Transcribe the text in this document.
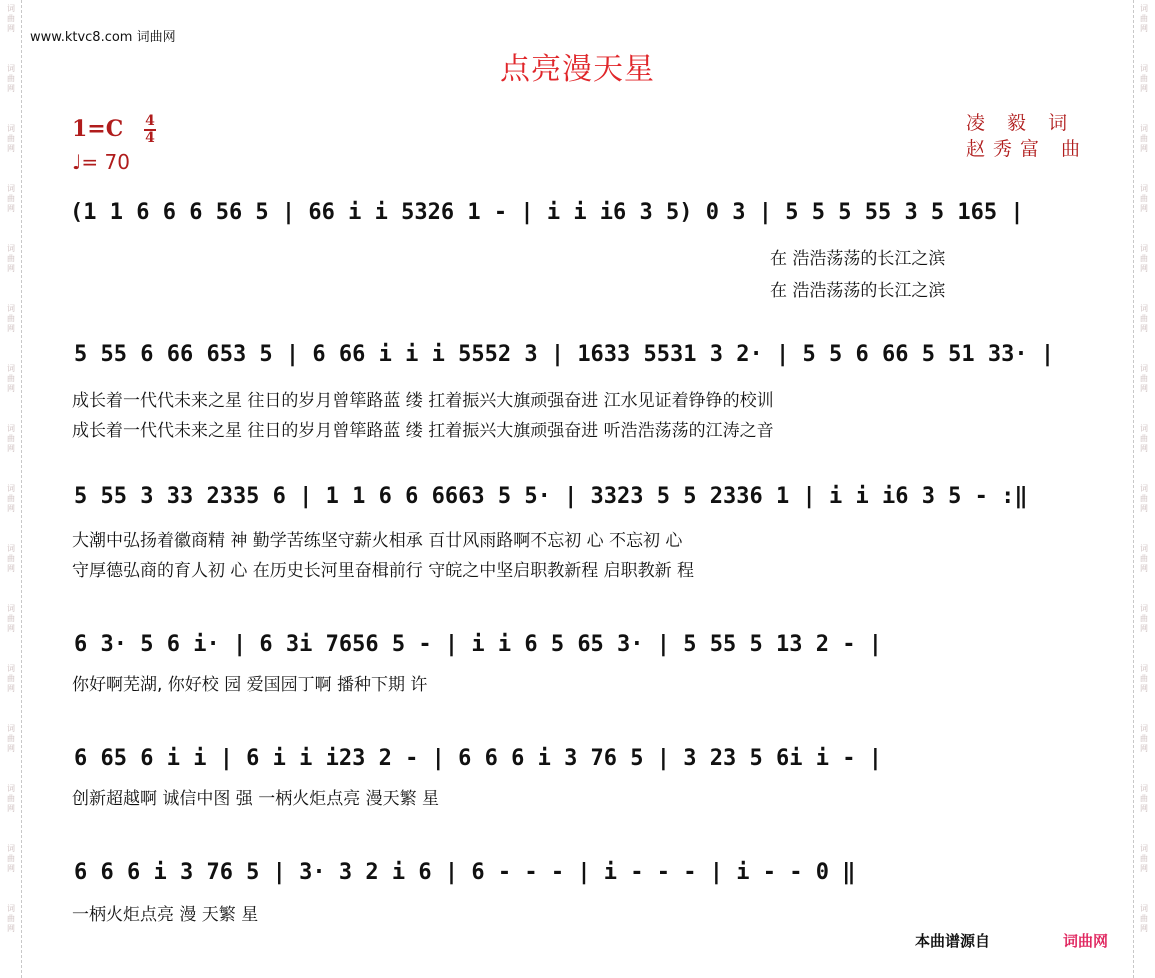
词
曲
网
词
曲
网
词
曲
网
词
曲
网
词
曲
网
词
曲
网
词
曲
网
词
曲
网
词
曲
网
词
曲
网
词
曲
网
词
曲
网
词
曲
网
词
曲
网
词
曲
网
词
曲
网
词
曲
网
词
曲
网
词
曲
网
词
曲
网
词
曲
网
词
曲
网
词
曲
网
词
曲
网
词
曲
网
词
曲
网
词
曲
网
词
曲
网
词
曲
网
词
曲
网
词
曲
网
词
曲
网
www.ktvc8.com 词曲网
点亮漫天星
1=C 4
4
♩= 70
凌 毅 词
赵秀富 曲
(1 1 6 6 6 56 5 | 66 i i 5326 1 - | i i i6 3 5) 0 3 | 5 5 5 55 3 5 165 |
在 浩浩荡荡的长江之滨
在 浩浩荡荡的长江之滨
5 55 6 66 653 5 | 6 66 i i i 5552 3 | 1633 5531 3 2· | 5 5 6 66 5 51 33· |
成长着一代代未来之星 往日的岁月曾筚路蓝 缕 扛着振兴大旗顽强奋进 江水见证着铮铮的校训
成长着一代代未来之星 往日的岁月曾筚路蓝 缕 扛着振兴大旗顽强奋进 听浩浩荡荡的江涛之音
5 55 3 33 2335 6 | 1 1 6 6 6663 5 5· | 3323 5 5 2336 1 | i i i6 3 5 - :‖
大潮中弘扬着徽商精 神 勤学苦练坚守薪火相承 百廿风雨路啊不忘初 心 不忘初 心
守厚德弘商的育人初 心 在历史长河里奋楫前行 守皖之中坚启职教新程 启职教新 程
6 3· 5 6 i· | 6 3i 7656 5 - | i i 6 5 65 3· | 5 55 5 13 2 - |
你好啊芜湖, 你好校 园 爱国园丁啊 播种下期 许
6 65 6 i i | 6 i i i23 2 - | 6 6 6 i 3 76 5 | 3 23 5 6i i - |
创新超越啊 诚信中图 强 一柄火炬点亮 漫天繁 星
6 6 6 i 3 76 5 | 3· 3 2 i 6 | 6 - - - | i - - - | i - - 0 ‖
一柄火炬点亮 漫 天繁 星
本曲谱源自	词曲网
